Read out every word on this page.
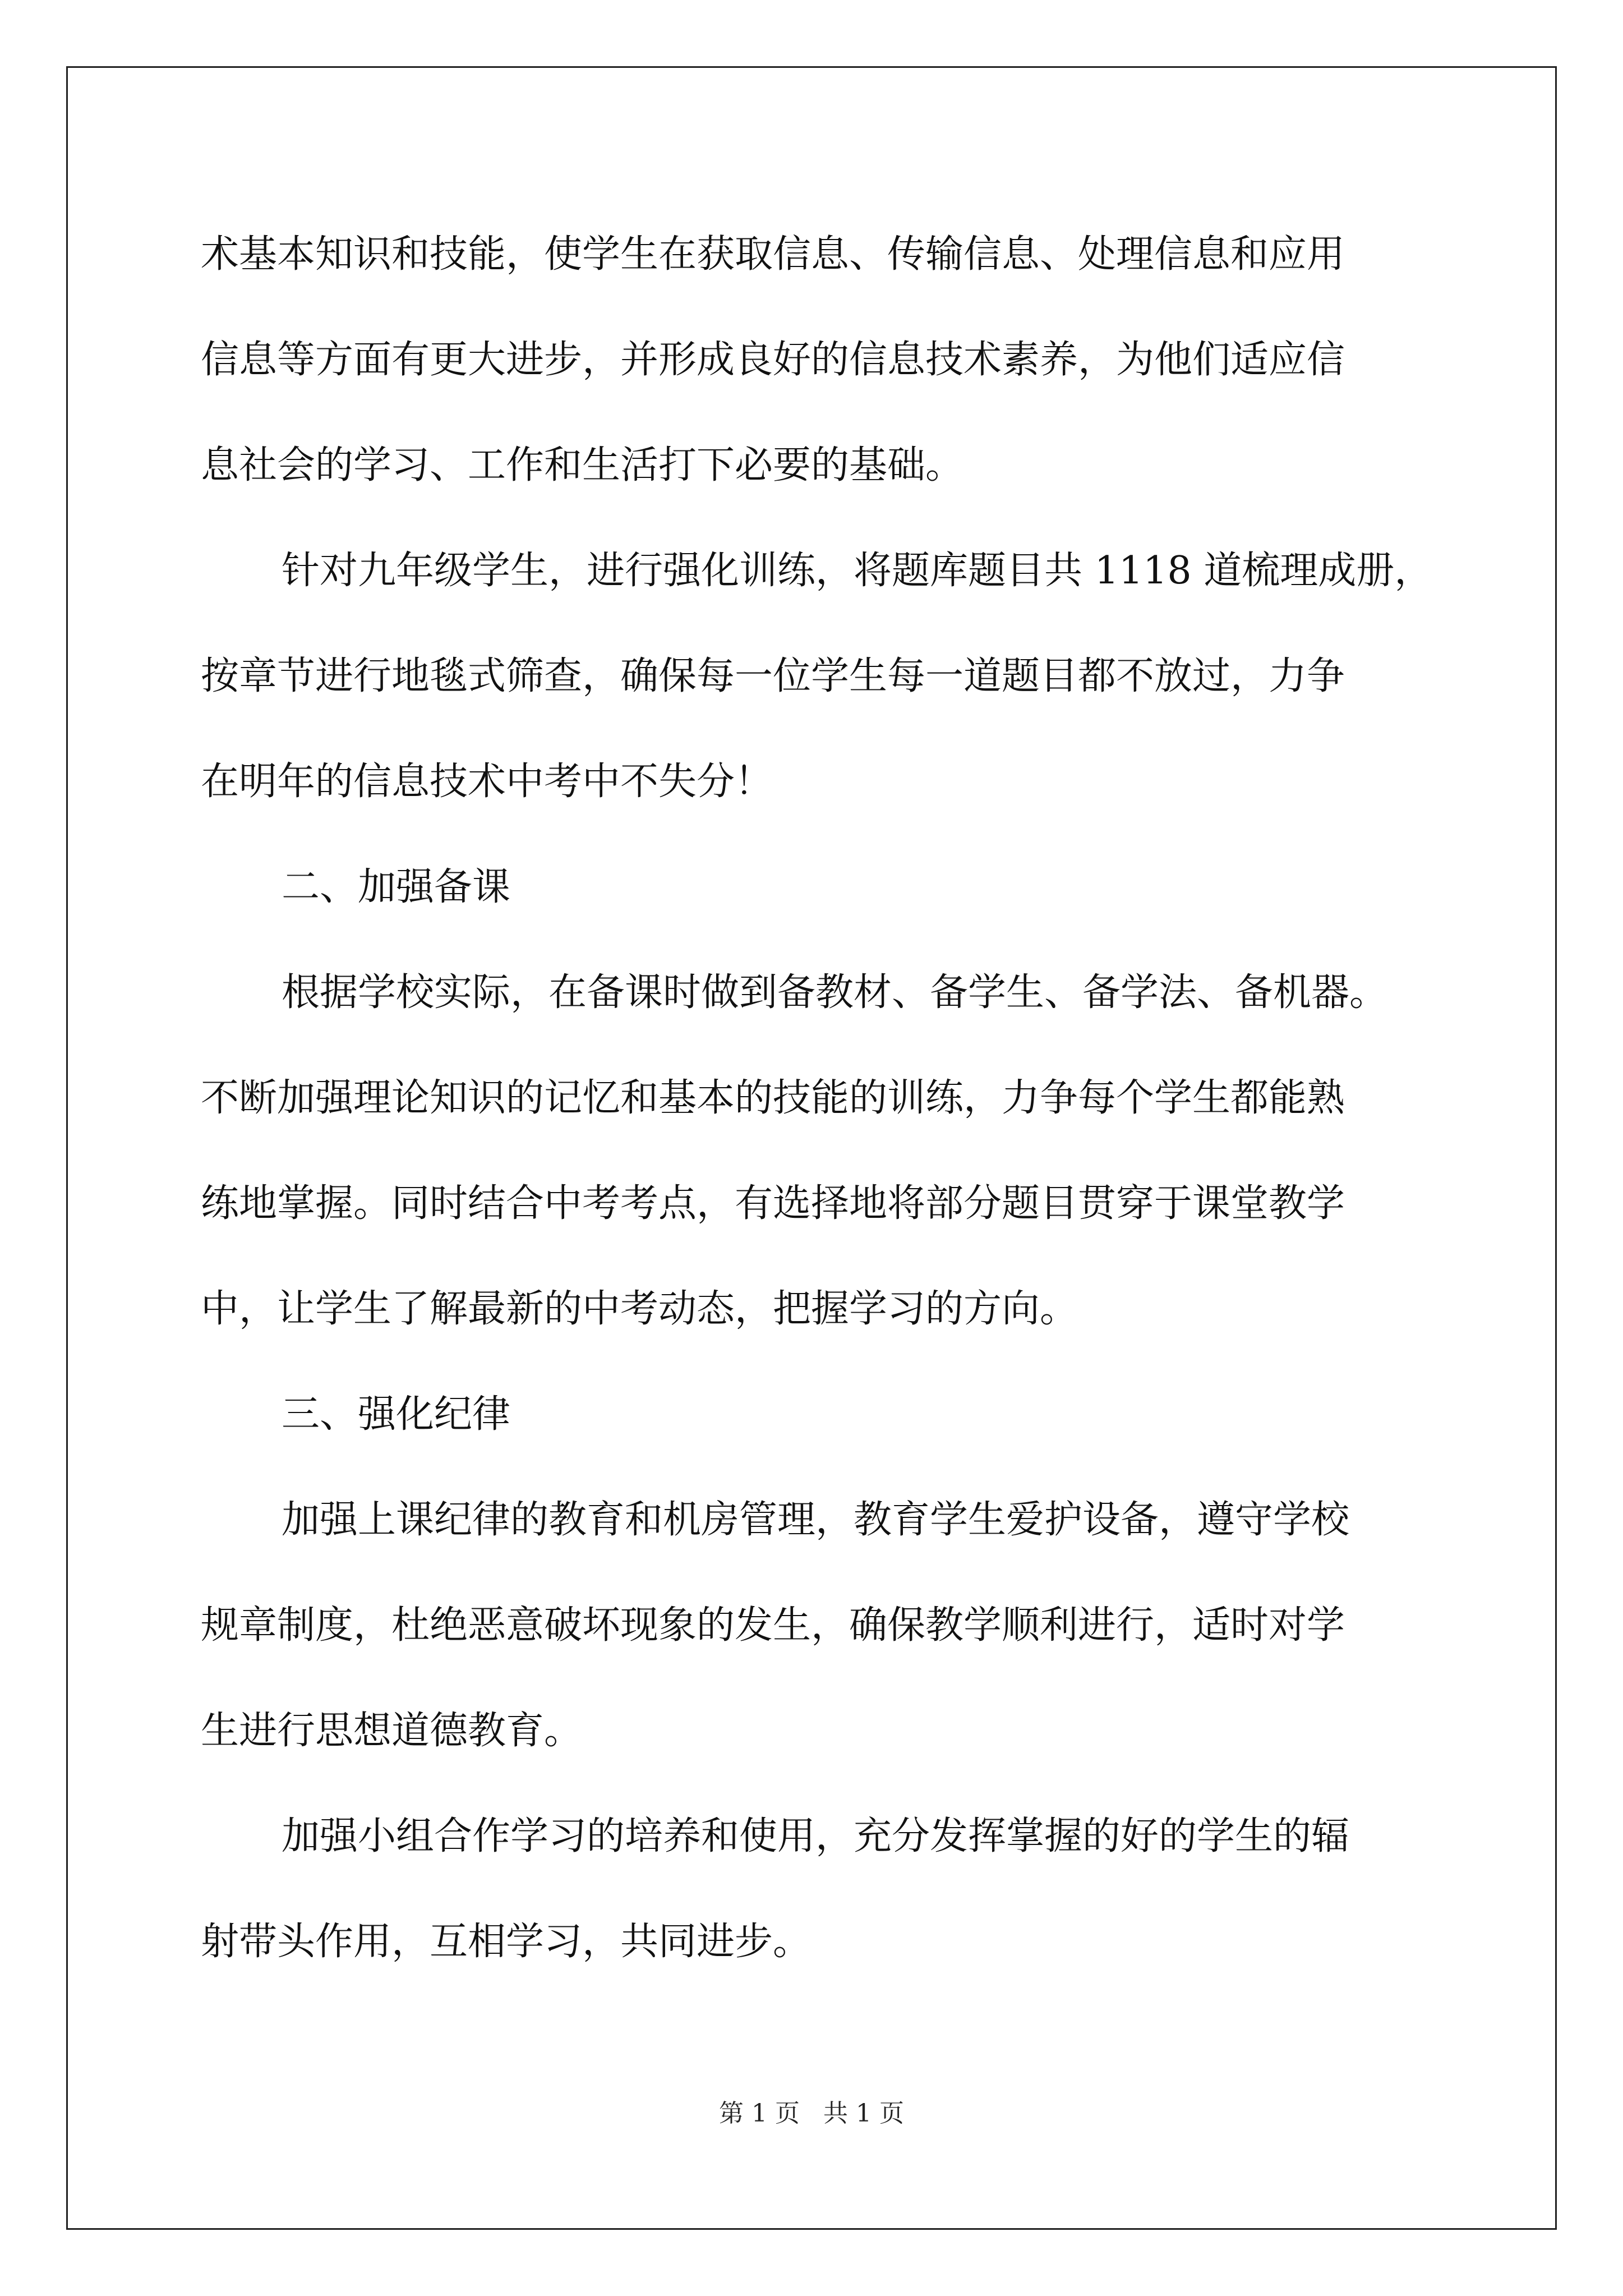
术基本知识和技能，使学生在获取信息、传输信息、处理信息和应用
信息等方面有更大进步，并形成良好的信息技术素养，为他们适应信
息社会的学习、工作和生活打下必要的基础。
针对九年级学生，进行强化训练，将题库题目共 1118 道梳理成册，
按章节进行地毯式筛查，确保每一位学生每一道题目都不放过，力争
在明年的信息技术中考中不失分！
二、加强备课
根据学校实际，在备课时做到备教材、备学生、备学法、备机器。
不断加强理论知识的记忆和基本的技能的训练，力争每个学生都能熟
练地掌握。同时结合中考考点，有选择地将部分题目贯穿于课堂教学
中，让学生了解最新的中考动态，把握学习的方向。
三、强化纪律
加强上课纪律的教育和机房管理，教育学生爱护设备，遵守学校
规章制度，杜绝恶意破坏现象的发生，确保教学顺利进行，适时对学
生进行思想道德教育。
加强小组合作学习的培养和使用，充分发挥掌握的好的学生的辐
射带头作用，互相学习，共同进步。
第 1 页 共 1 页
